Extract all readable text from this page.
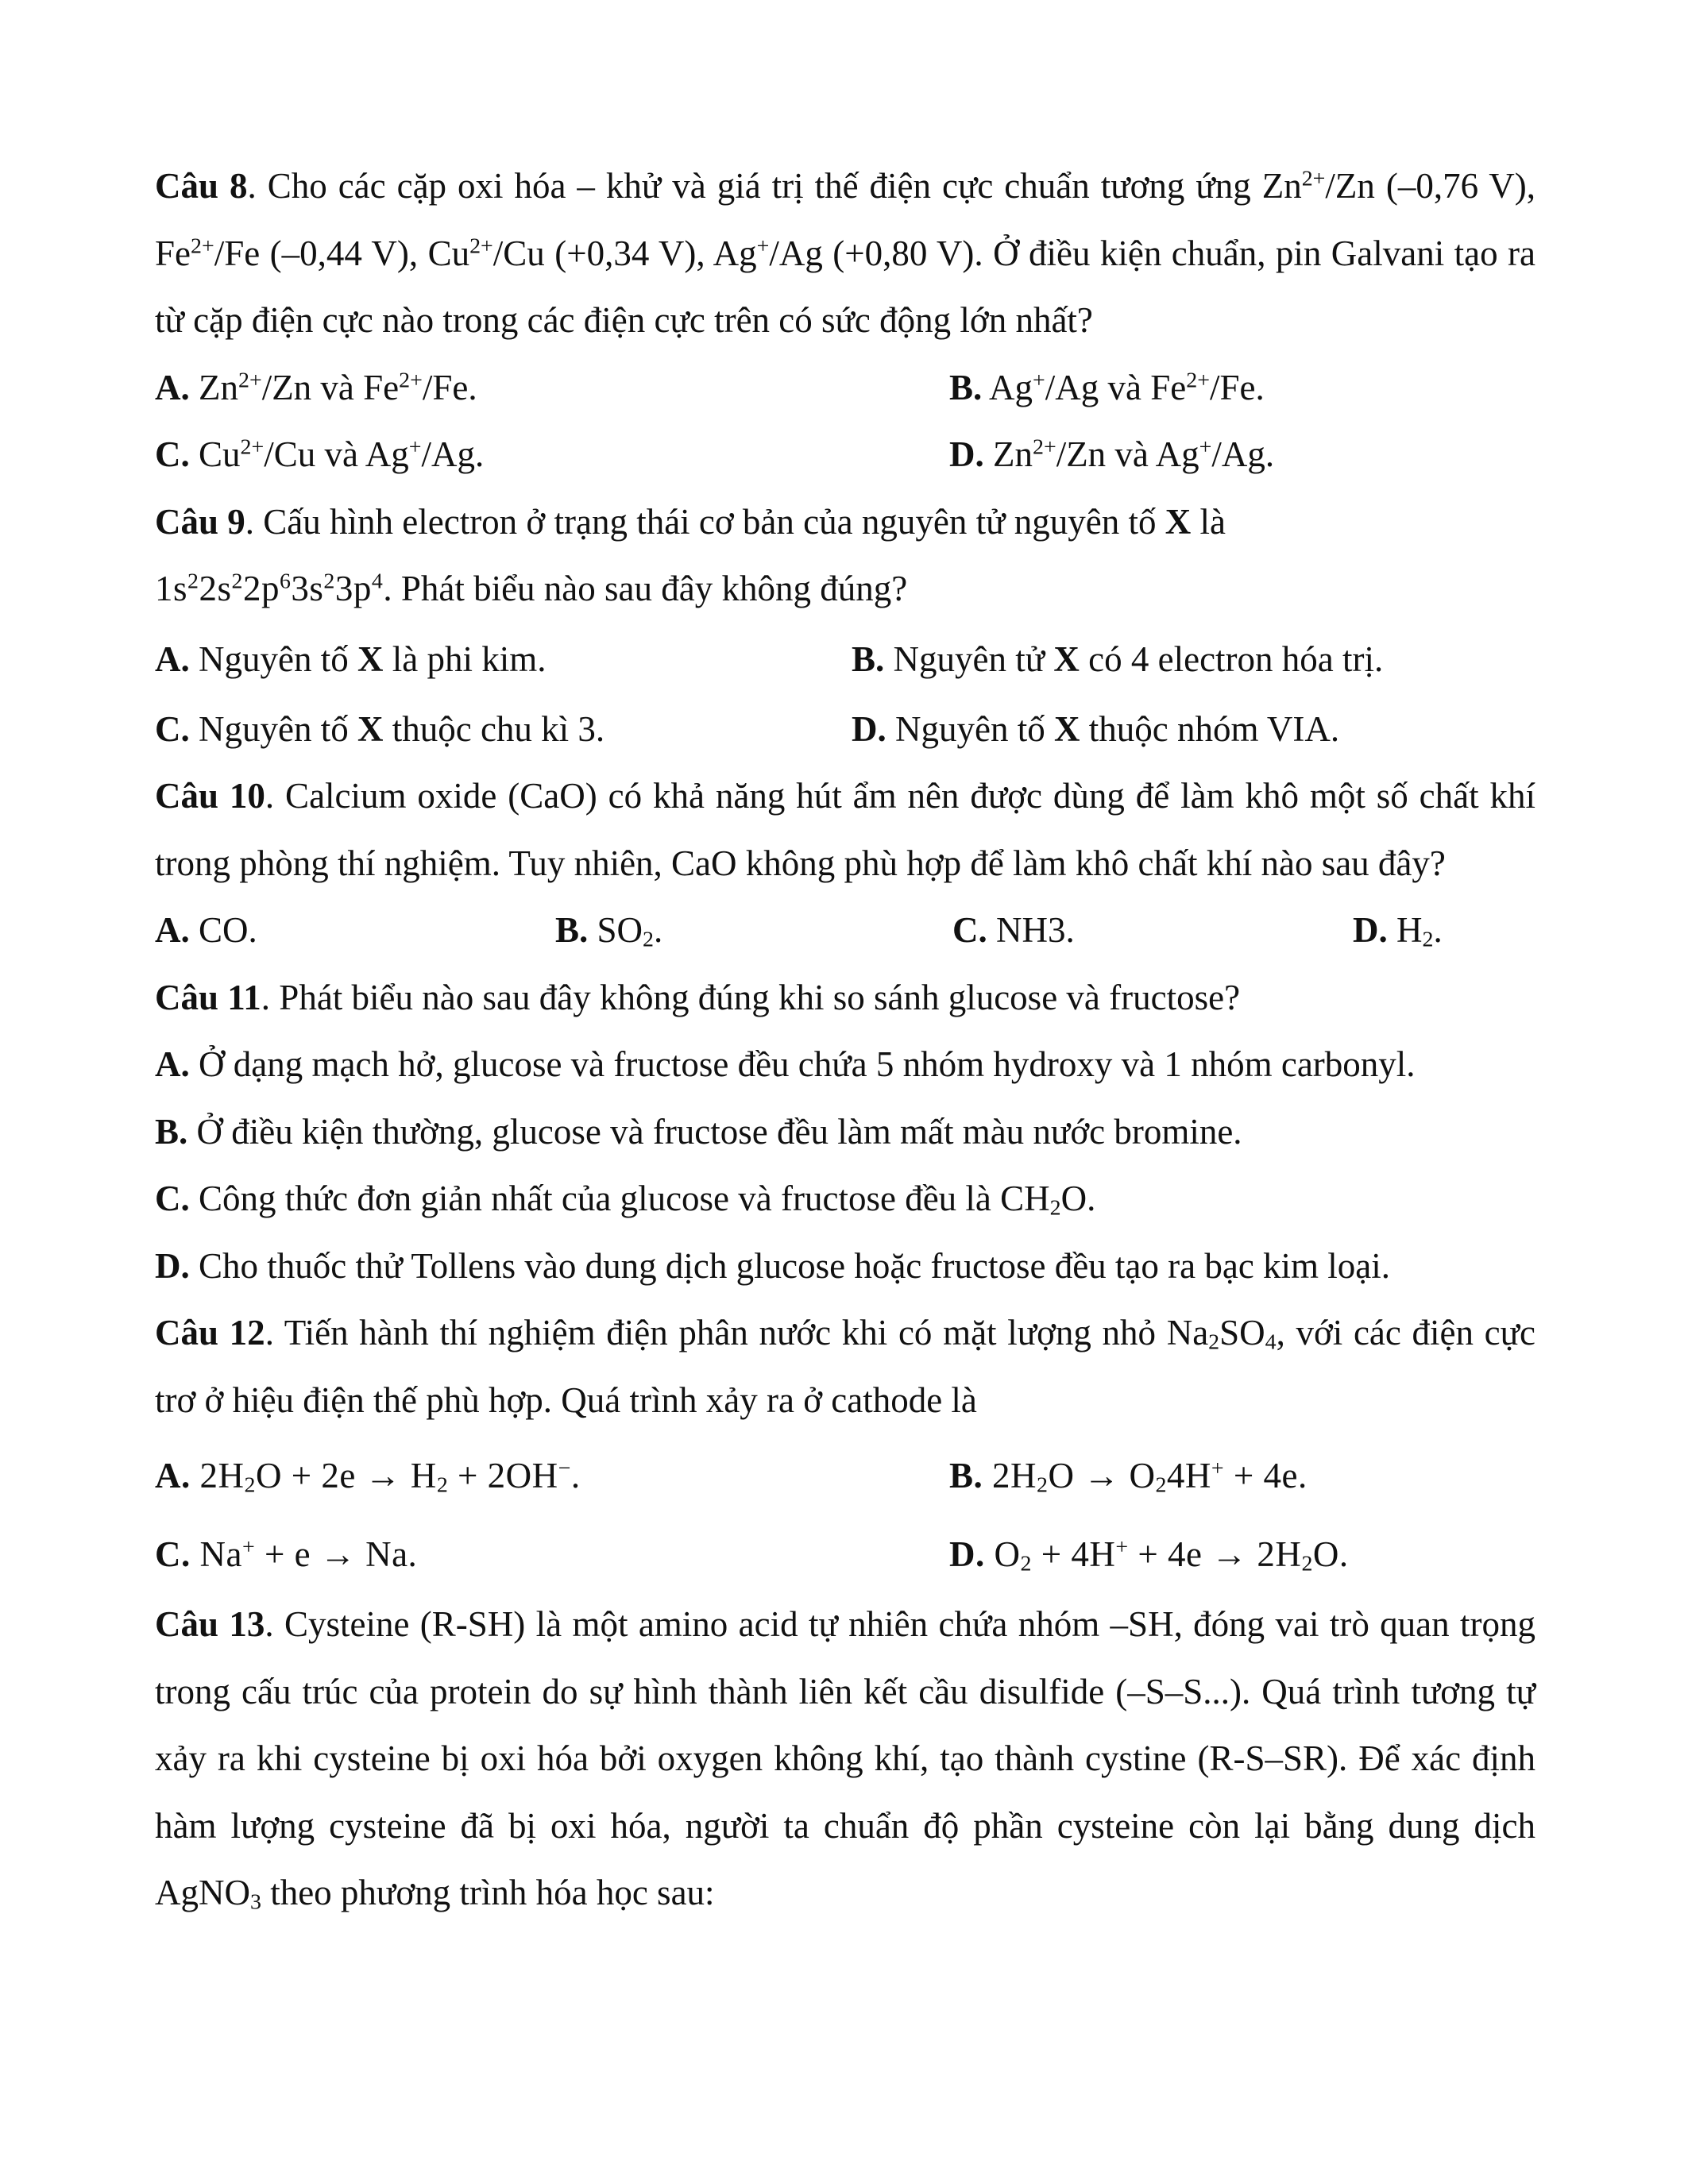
Câu 8. Cho các cặp oxi hóa – khử và giá trị thế điện cực chuẩn tương ứng $Zn^{2+}/Zn$ (–0,76 V), $Fe^{2+}/Fe$ (–0,44 V), $Cu^{2+}/Cu$ (+0,34 V), Ag+/Ag (+0,80 V). Ở điều kiện chuẩn, pin Galvani tạo ra từ cặp điện cực nào trong các điện cực trên có sức động lớn nhất?

A. $Zn^{2+}/Zn$ và $Fe^{2+}/Fe$.	B. Ag+/Ag và $Fe^{2+}/Fe$.
C. $Cu^{2+}/Cu$ và Ag+/Ag.	D. $Zn^{2+}/Zn$ và Ag+/Ag.

Câu 9. Cấu hình electron ở trạng thái cơ bản của nguyên tử nguyên tố X là
$1s^22s^22p^63s^23p^4$. Phát biểu nào sau đây không đúng?

A. Nguyên tố X là phi kim.	B. Nguyên tử X có 4 electron hóa trị.
C. Nguyên tố X thuộc chu kì 3.	D. Nguyên tố X thuộc nhóm VIA.

Câu 10. Calcium oxide (CaO) có khả năng hút ẩm nên được dùng để làm khô một số chất khí trong phòng thí nghiệm. Tuy nhiên, CaO không phù hợp để làm khô chất khí nào sau đây?

A. CO.	B. $SO_2$.	C. NH3.	D. $H_2$.

Câu 11. Phát biểu nào sau đây không đúng khi so sánh glucose và fructose?

A. Ở dạng mạch hở, glucose và fructose đều chứa 5 nhóm hydroxy và 1 nhóm carbonyl.
B. Ở điều kiện thường, glucose và fructose đều làm mất màu nước bromine.
C. Công thức đơn giản nhất của glucose và fructose đều là $CH_2O$.
D. Cho thuốc thử Tollens vào dung dịch glucose hoặc fructose đều tạo ra bạc kim loại.

Câu 12. Tiến hành thí nghiệm điện phân nước khi có mặt lượng nhỏ $Na_2SO_4$, với các điện cực trơ ở hiệu điện thế phù hợp. Quá trình xảy ra ở cathode là

A. $2H_2O + 2e \to H_2 + 2OH^-$.	B. $2H_2O \to O_24H^+ + 4e$.
C. Na+ + e → Na.	D. $O_2 + 4H^+ + 4e \to 2H_2O$.

Câu 13. Cysteine (R-SH) là một amino acid tự nhiên chứa nhóm –SH, đóng vai trò quan trọng trong cấu trúc của protein do sự hình thành liên kết cầu disulfide (–S–S...). Quá trình tương tự xảy ra khi cysteine bị oxi hóa bởi oxygen không khí, tạo thành cystine (R-S–SR). Để xác định hàm lượng cysteine đã bị oxi hóa, người ta chuẩn độ phần cysteine còn lại bằng dung dịch AgNO$_3$ theo phương trình hóa học sau:
